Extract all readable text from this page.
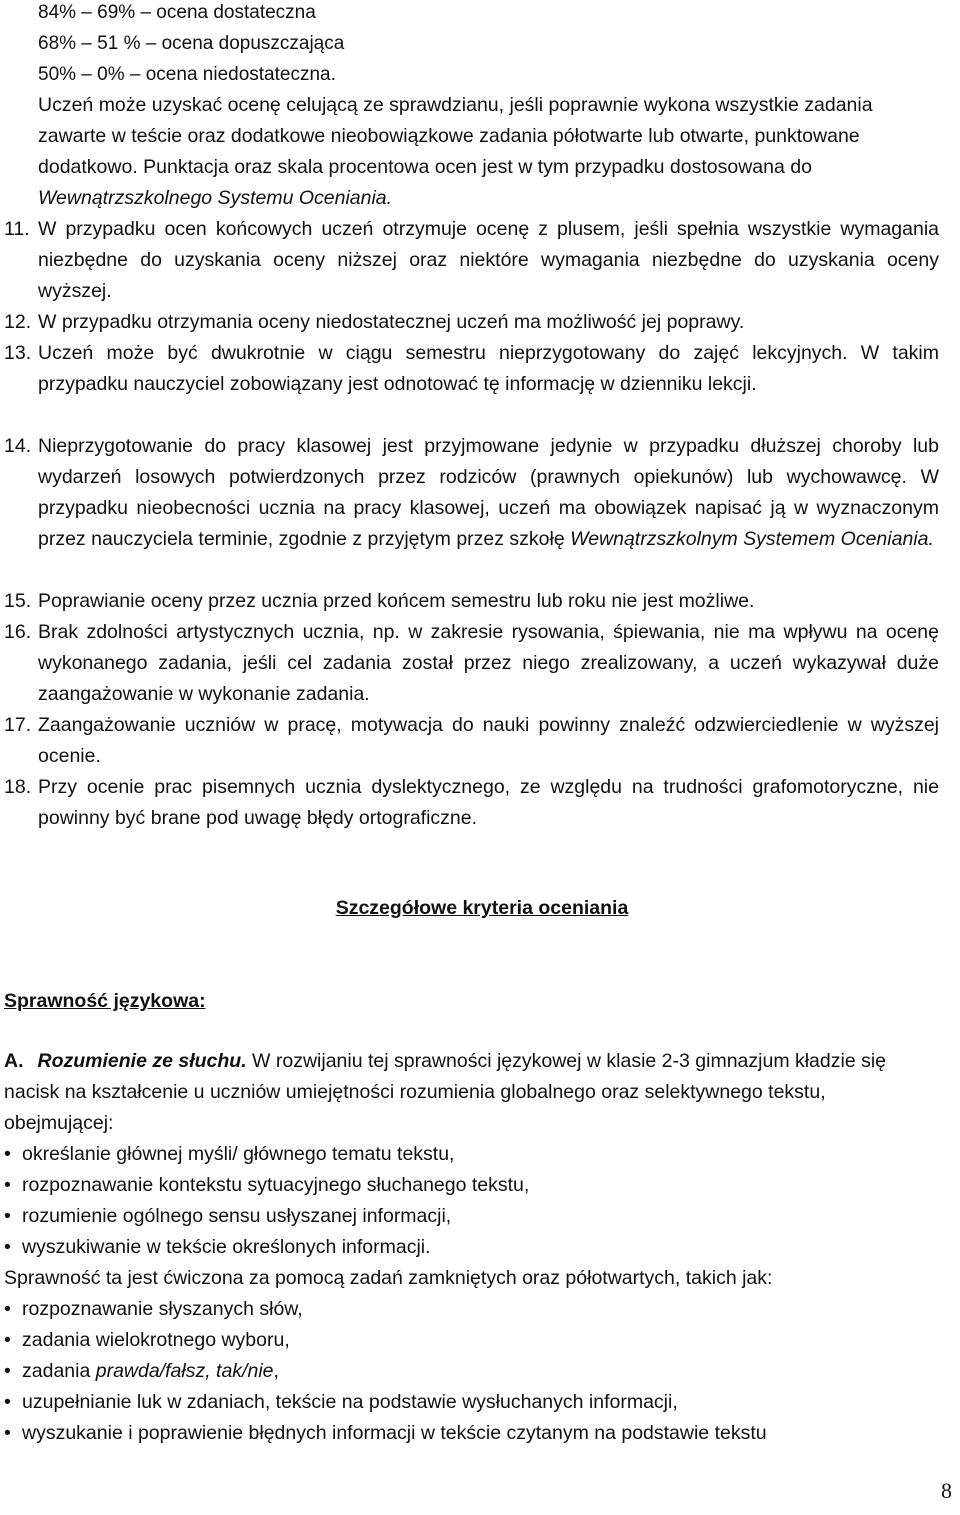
84% – 69% – ocena dostateczna
68% – 51 % – ocena dopuszczająca
50% – 0% – ocena niedostateczna.
Uczeń może uzyskać ocenę celującą ze sprawdzianu, jeśli poprawnie wykona wszystkie zadania zawarte w teście oraz dodatkowe nieobowiązkowe zadania półotwarte lub otwarte, punktowane dodatkowo. Punktacja oraz skala procentowa ocen jest w tym przypadku dostosowana do Wewnątrzszkolnego Systemu Oceniania.
11. W przypadku ocen końcowych uczeń otrzymuje ocenę z plusem, jeśli spełnia wszystkie wymagania niezbędne do uzyskania oceny niższej oraz niektóre wymagania niezbędne do uzyskania oceny wyższej.
12. W przypadku otrzymania oceny niedostatecznej uczeń ma możliwość jej poprawy.
13. Uczeń może być dwukrotnie w ciągu semestru nieprzygotowany do zajęć lekcyjnych. W takim przypadku nauczyciel zobowiązany jest odnotować tę informację w dzienniku lekcji.
14. Nieprzygotowanie do pracy klasowej jest przyjmowane jedynie w przypadku dłuższej choroby lub wydarzeń losowych potwierdzonych przez rodziców (prawnych opiekunów) lub wychowawcę. W przypadku nieobecności ucznia na pracy klasowej, uczeń ma obowiązek napisać ją w wyznaczonym przez nauczyciela terminie, zgodnie z przyjętym przez szkołę Wewnątrzszkolnym Systemem Oceniania.
15. Poprawianie oceny przez ucznia przed końcem semestru lub roku nie jest możliwe.
16. Brak zdolności artystycznych ucznia, np. w zakresie rysowania, śpiewania, nie ma wpływu na ocenę wykonanego zadania, jeśli cel zadania został przez niego zrealizowany, a uczeń wykazywał duże zaangażowanie w wykonanie zadania.
17. Zaangażowanie uczniów w pracę, motywacja do nauki powinny znaleźć odzwierciedlenie w wyższej ocenie.
18. Przy ocenie prac pisemnych ucznia dyslektycznego, ze względu na trudności grafomotoryczne, nie powinny być brane pod uwagę błędy ortograficzne.
Szczegółowe kryteria oceniania
Sprawność językowa:
A. Rozumienie ze słuchu. W rozwijaniu tej sprawności językowej w klasie 2-3 gimnazjum kładzie się nacisk na kształcenie u uczniów umiejętności rozumienia globalnego oraz selektywnego tekstu, obejmującej:
• określanie głównej myśli/ głównego tematu tekstu,
• rozpoznawanie kontekstu sytuacyjnego słuchanego tekstu,
• rozumienie ogólnego sensu usłyszanej informacji,
• wyszukiwanie w tekście określonych informacji.
Sprawność ta jest ćwiczona za pomocą zadań zamkniętych oraz półotwartych, takich jak:
• rozpoznawanie słyszanych słów,
• zadania wielokrotnego wyboru,
• zadania prawda/fałsz, tak/nie,
• uzupełnianie luk w zdaniach, tekście na podstawie wysłuchanych informacji,
• wyszukanie i poprawienie błędnych informacji w tekście czytanym na podstawie tekstu
8
